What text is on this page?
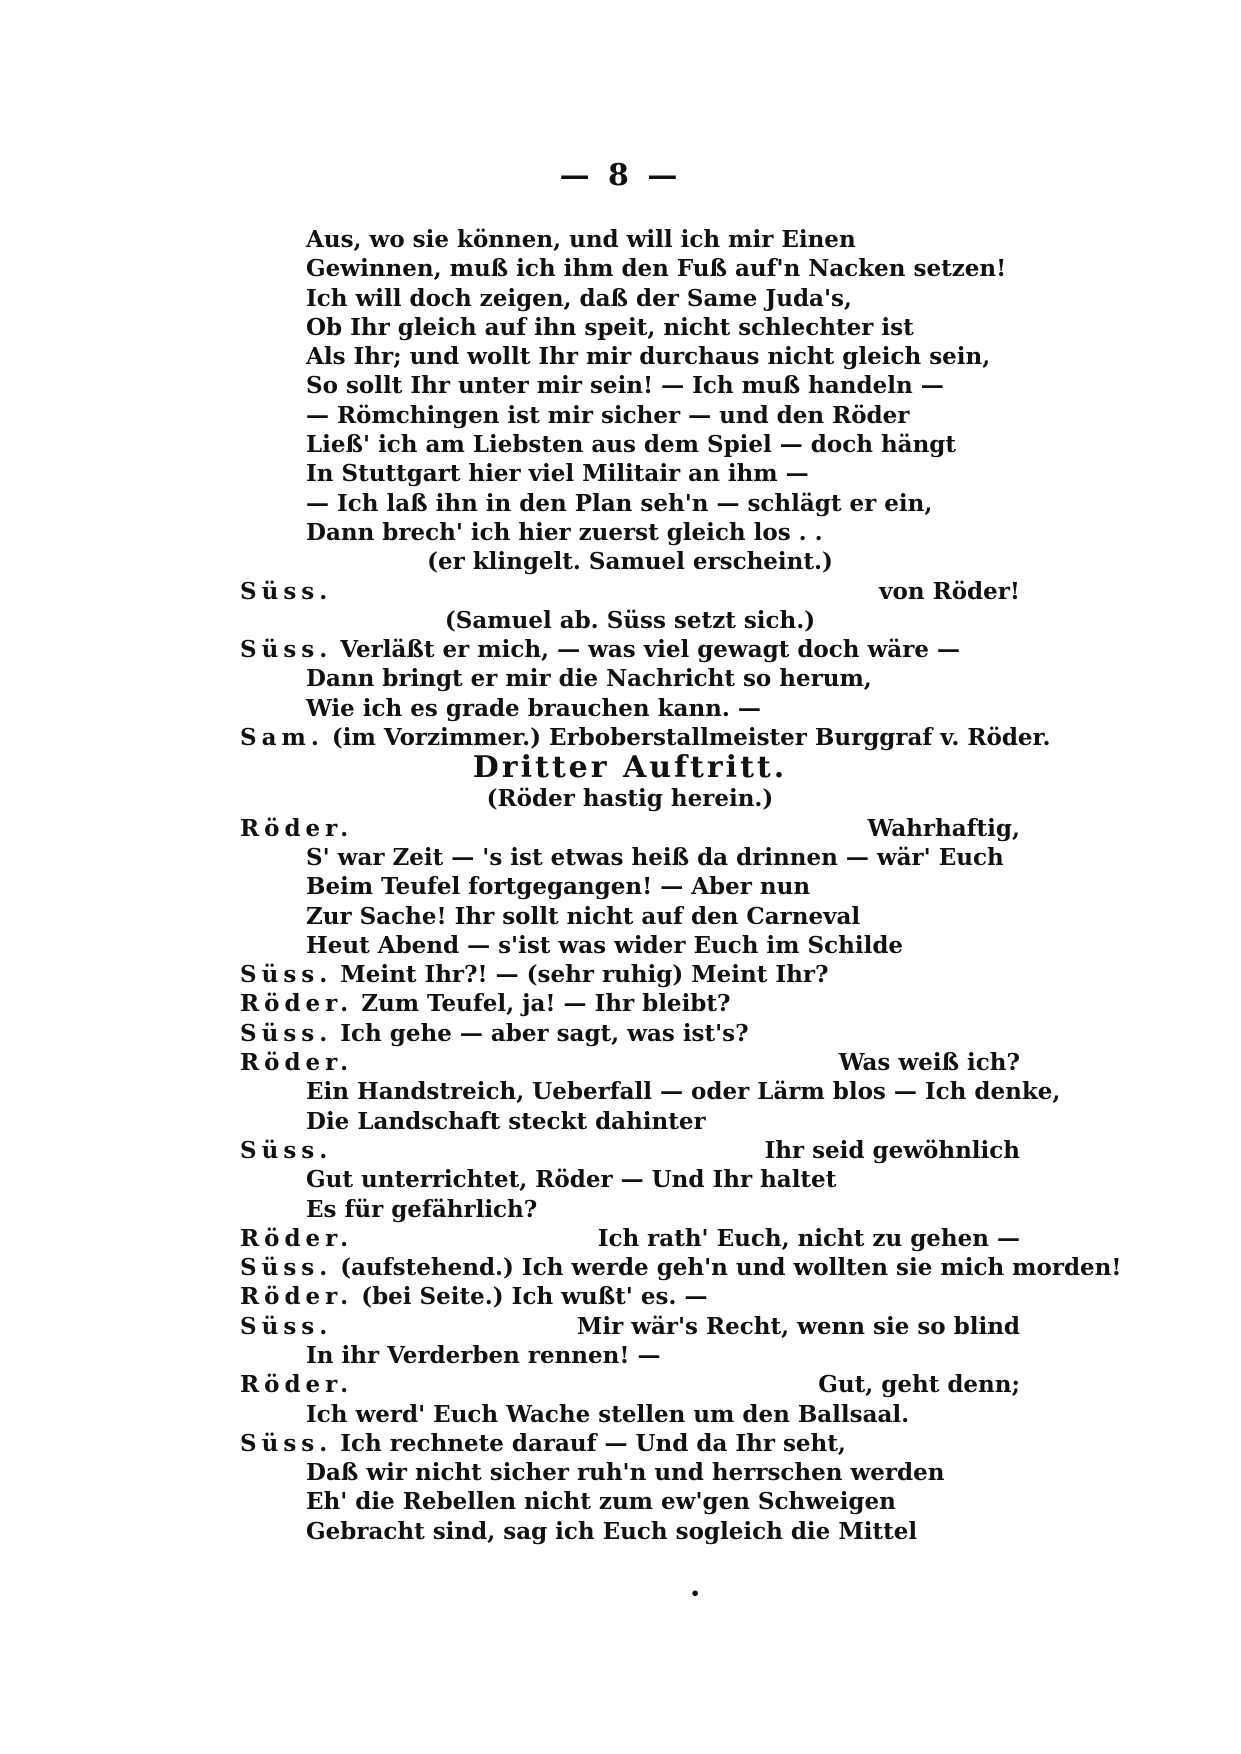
— 8 —
Aus, wo sie können, und will ich mir Einen
Gewinnen, muß ich ihm den Fuß auf'n Nacken setzen!
Ich will doch zeigen, daß der Same Juda's,
Ob Ihr gleich auf ihn speit, nicht schlechter ist
Als Ihr; und wollt Ihr mir durchaus nicht gleich sein,
So sollt Ihr unter mir sein! — Ich muß handeln —
— Römchingen ist mir sicher — und den Röder
Ließ' ich am Liebsten aus dem Spiel — doch hängt
In Stuttgart hier viel Militair an ihm —
— Ich laß ihn in den Plan seh'n — schlägt er ein,
Dann brech' ich hier zuerst gleich los . .
(er klingelt. Samuel erscheint.)
Süss.	von Röder!
(Samuel ab. Süss setzt sich.)
Süss. Verläßt er mich, — was viel gewagt doch wäre —
Dann bringt er mir die Nachricht so herum,
Wie ich es grade brauchen kann. —
Sam. (im Vorzimmer.) Erboberstallmeister Burggraf v. Röder.
Dritter Auftritt.
(Röder hastig herein.)
Röder.	Wahrhaftig,
S' war Zeit — 's ist etwas heiß da drinnen — wär' Euch
Beim Teufel fortgegangen! — Aber nun
Zur Sache! Ihr sollt nicht auf den Carneval
Heut Abend — s'ist was wider Euch im Schilde
Süss. Meint Ihr?! — (sehr ruhig) Meint Ihr?
Röder. Zum Teufel, ja! — Ihr bleibt?
Süss. Ich gehe — aber sagt, was ist's?
Röder.	Was weiß ich?
Ein Handstreich, Ueberfall — oder Lärm blos — Ich denke,
Die Landschaft steckt dahinter
Süss.	Ihr seid gewöhnlich
Gut unterrichtet, Röder — Und Ihr haltet
Es für gefährlich?
Röder.	Ich rath' Euch, nicht zu gehen —
Süss. (aufstehend.) Ich werde geh'n und wollten sie mich morden!
Röder. (bei Seite.) Ich wußt' es. —
Süss.	Mir wär's Recht, wenn sie so blind
In ihr Verderben rennen! —
Röder.	Gut, geht denn;
Ich werd' Euch Wache stellen um den Ballsaal.
Süss. Ich rechnete darauf — Und da Ihr seht,
Daß wir nicht sicher ruh'n und herrschen werden
Eh' die Rebellen nicht zum ew'gen Schweigen
Gebracht sind, sag ich Euch sogleich die Mittel
•
